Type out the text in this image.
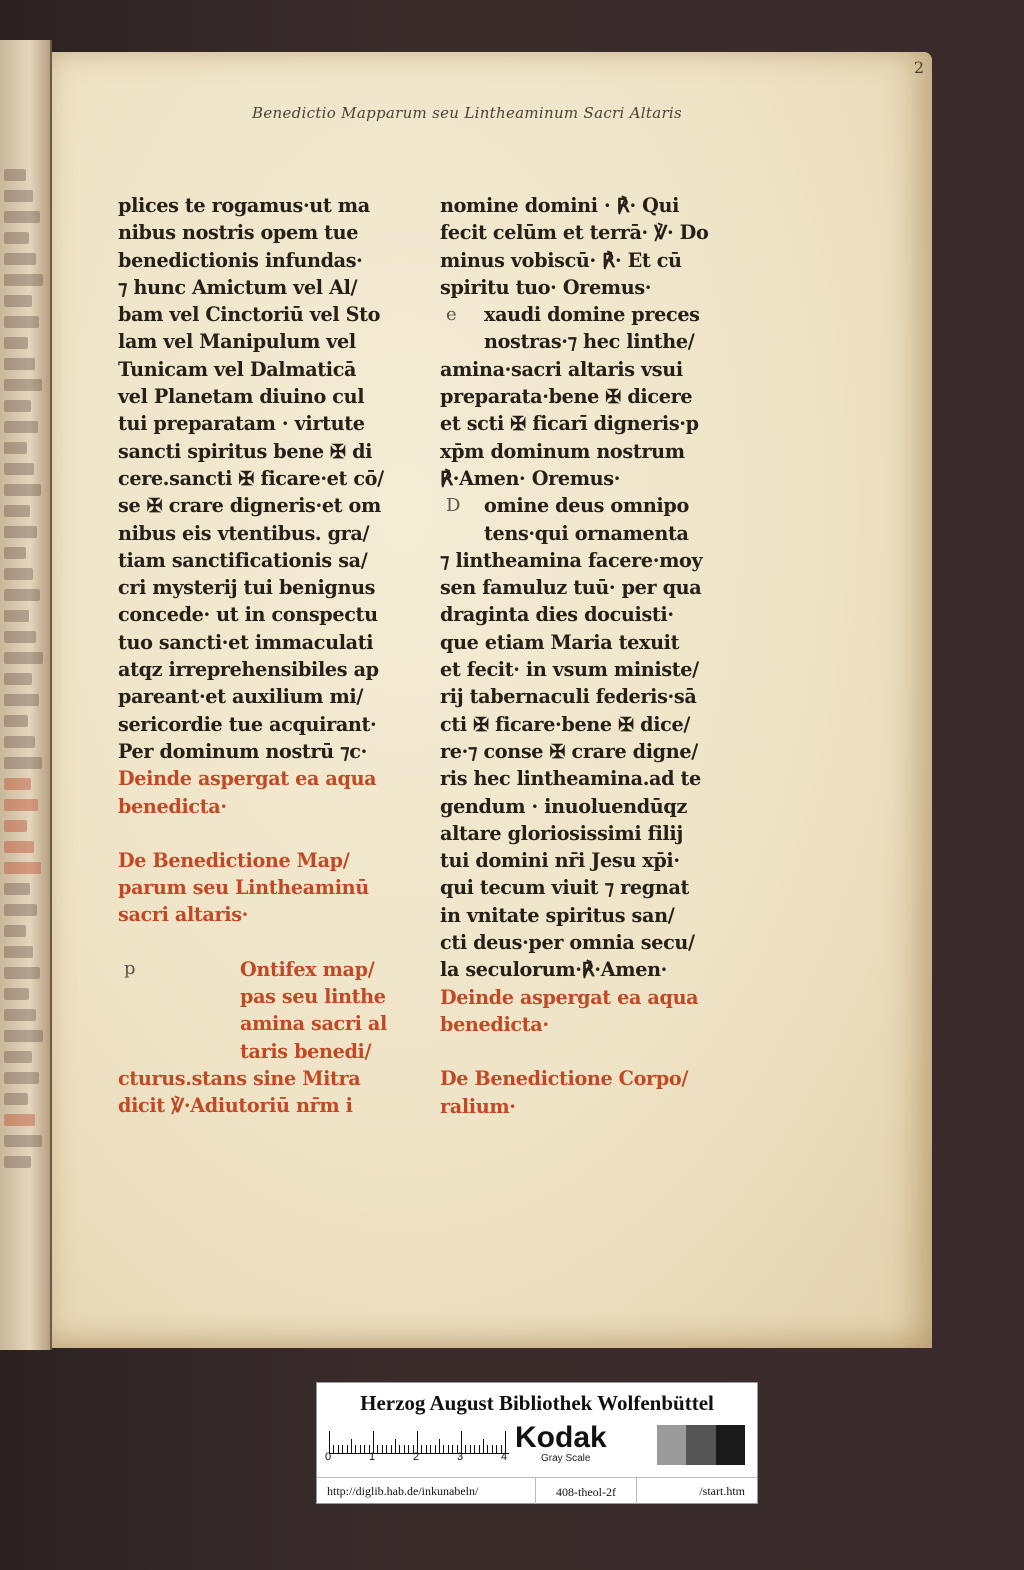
2
Benedictio Mapparum seu Lintheaminum Sacri Altaris
plices te rogamus·ut ma
nibus nostris opem tue
benedictionis infundas·
⁊ hunc Amictum vel Al/
bam vel Cinctoriū vel Sto
lam vel Manipulum vel
Tunicam vel Dalmaticā
vel Planetam diuino cul
tui preparatam · virtute
sancti spiritus bene ✠ di
cere.sancti ✠ ficare·et cō/
se ✠ crare digneris·et om
nibus eis vtentibus. gra/
tiam sanctificationis sa/
cri mysterij tui benignus
concede· ut in conspectu
tuo sancti·et immaculati
atqz irreprehensibiles ap
pareant·et auxilium mi/
sericordie tue acquirant·
Per dominum nostrū ⁊c·
Deinde aspergat ea aqua
benedicta·
De Benedictione Map/
parum seu Lintheaminū
sacri altaris·
p	Ontifex map/
pas seu linthe
amina sacri al
taris benedi/
cturus.stans sine Mitra
dicit ℣·Adiutoriū nr̄m i
nomine domini · ℟· Qui
fecit celūm et terrā· ℣· Do
minus vobiscū· ℟· Et cū
spiritu tuo· Oremus·
e	xaudi domine preces
nostras·⁊ hec linthe/
amina·sacri altaris vsui
preparata·bene ✠ dicere
et scti ✠ ficarī digneris·p
xp̄m dominum nostrum
℟·Amen· Oremus·
D	omine deus omnipo
tens·qui ornamenta
⁊ lintheamina facere·moy
sen famuluz tuū· per qua
draginta dies docuisti·
que etiam Maria texuit
et fecit· in vsum ministe/
rij tabernaculi federis·sā
cti ✠ ficare·bene ✠ dice/
re·⁊ conse ✠ crare digne/
ris hec lintheamina.ad te
gendum · inuoluendūqz
altare gloriosissimi filij
tui domini nr̄i Jesu xp̄i·
qui tecum viuit ⁊ regnat
in vnitate spiritus san/
cti deus·per omnia secu/
la seculorum·℟·Amen·
Deinde aspergat ea aqua
benedicta·
De Benedictione Corpo/
ralium·
Herzog August Bibliothek Wolfenbüttel
0	1	2	3	4
Kodak
Gray Scale
http://diglib.hab.de/inkunabeln/	408-theol-2f	/start.htm
